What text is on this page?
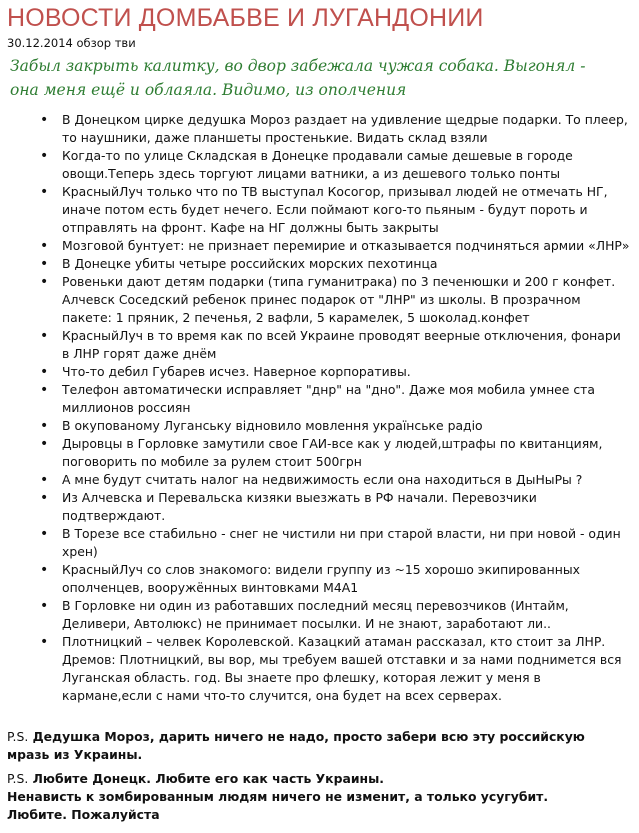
НОВОСТИ ДОМБАБВЕ И ЛУГАНДОНИИ
30.12.2014 обзор тви
Забыл закрыть калитку, во двор забежала чужая собака. Выгонял -
она меня ещё и облаяла. Видимо, из ополчения
• В Донецком цирке дедушка Мороз раздает на удивление щедрые подарки. То плеер, то наушники, даже планшеты простенькие. Видать склад взяли
• Когда-то по улице Складская в Донецке продавали самые дешевые в городе овощи.Теперь здесь торгуют лицами ватники, а из дешевого только понты
• КрасныйЛуч только что по ТВ выступал Косогор, призывал людей не отмечать НГ, иначе потом есть будет нечего. Если поймают кого-то пьяным - будут пороть и отправлять на фронт. Кафе на НГ должны быть закрыты
• Мозговой бунтует: не признает перемирие и отказывается подчиняться армии «ЛНР»
• В Донецке убиты четыре российских морских пехотинца
• Ровеньки дают детям подарки (типа гуманитрака) по 3 печенюшки и 200 г конфет. Алчевск Соседский ребенок принес подарок от "ЛНР" из школы. В прозрачном пакете: 1 пряник, 2 печенья, 2 вафли, 5 карамелек, 5 шоколад.конфет
• КрасныйЛуч в то время как по всей Украине проводят веерные отключения, фонари в ЛНР горят даже днём
• Что-то дебил Губарев исчез. Наверное корпоративы.
• Телефон автоматически исправляет "днр" на "дно". Даже моя мобила умнее ста миллионов россиян
• В окупованому Луганську відновило мовлення українське радіо
• Дыровцы в Горловке замутили свое ГАИ-все как у людей,штрафы по квитанциям, поговорить по мобиле за рулем стоит 500грн
• А мне будут считать налог на недвижимость если она находиться в ДыНыРы ?
• Из Алчевска и Перевальска кизяки выезжать в РФ начали. Перевозчики подтверждают.
• В Торезе все стабильно - снег не чистили ни при старой власти, ни при новой - один хрен)
• КрасныйЛуч со слов знакомого: видели группу из ~15 хорошо экипированных ополченцев, вооружённых винтовками М4А1
• В Горловке ни один из работавших последний месяц перевозчиков (Интайм, Деливери, Автолюкс) не принимает посылки. И не знают, заработают ли..
• Плотницкий – челвек Королевской. Казацкий атаман рассказал, кто стоит за ЛНР. Дремов: Плотницкий, вы вор, мы требуем вашей отставки и за нами поднимется вся Луганская область. год. Вы знаете про флешку, которая лежит у меня в кармане,если с нами что-то случится, она будет на всех серверах.
P.S. Дедушка Мороз, дарить ничего не надо, просто забери всю эту российскую мразь из Украины.
P.S. Любите Донецк. Любите его как часть Украины.
Ненависть к зомбированным людям ничего не изменит, а только усугубит.
Любите. Пожалуйста
